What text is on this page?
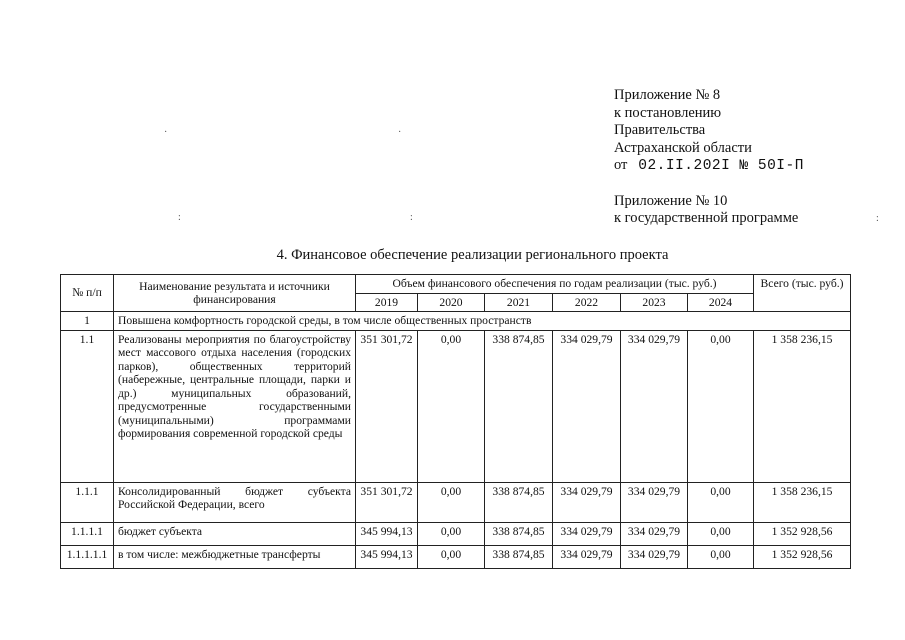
·	·
:	:	:
Приложение № 8
к постановлению
Правительства
Астраханской области
от 02.II.202I № 50I-П
Приложение № 10
к государственной программе
4. Финансовое обеспечение реализации регионального проекта
№ п/п	Наименование результата и источники финансирования	Объем финансового обеспечения по годам реализации (тыс. руб.)						Всего (тыс. руб.)
		2019	2020	2021	2022	2023	2024	
1	Повышена комфортность городской среды, в том числе общественных пространств							
1.1	Реализованы мероприятия по благоустройству мест массового отдыха населения (городских парков), общественных территорий (набережные, центральные площади, парки и др.) муниципальных образований, предусмотренные государственными (муниципальными) программами формирования современной городской среды	351 301,72	0,00	338 874,85	334 029,79	334 029,79	0,00	1 358 236,15
1.1.1	Консолидированный бюджет субъекта Российской Федерации, всего	351 301,72	0,00	338 874,85	334 029,79	334 029,79	0,00	1 358 236,15
1.1.1.1	бюджет субъекта	345 994,13	0,00	338 874,85	334 029,79	334 029,79	0,00	1 352 928,56
1.1.1.1.1	в том числе: межбюджетные трансферты	345 994,13	0,00	338 874,85	334 029,79	334 029,79	0,00	1 352 928,56
